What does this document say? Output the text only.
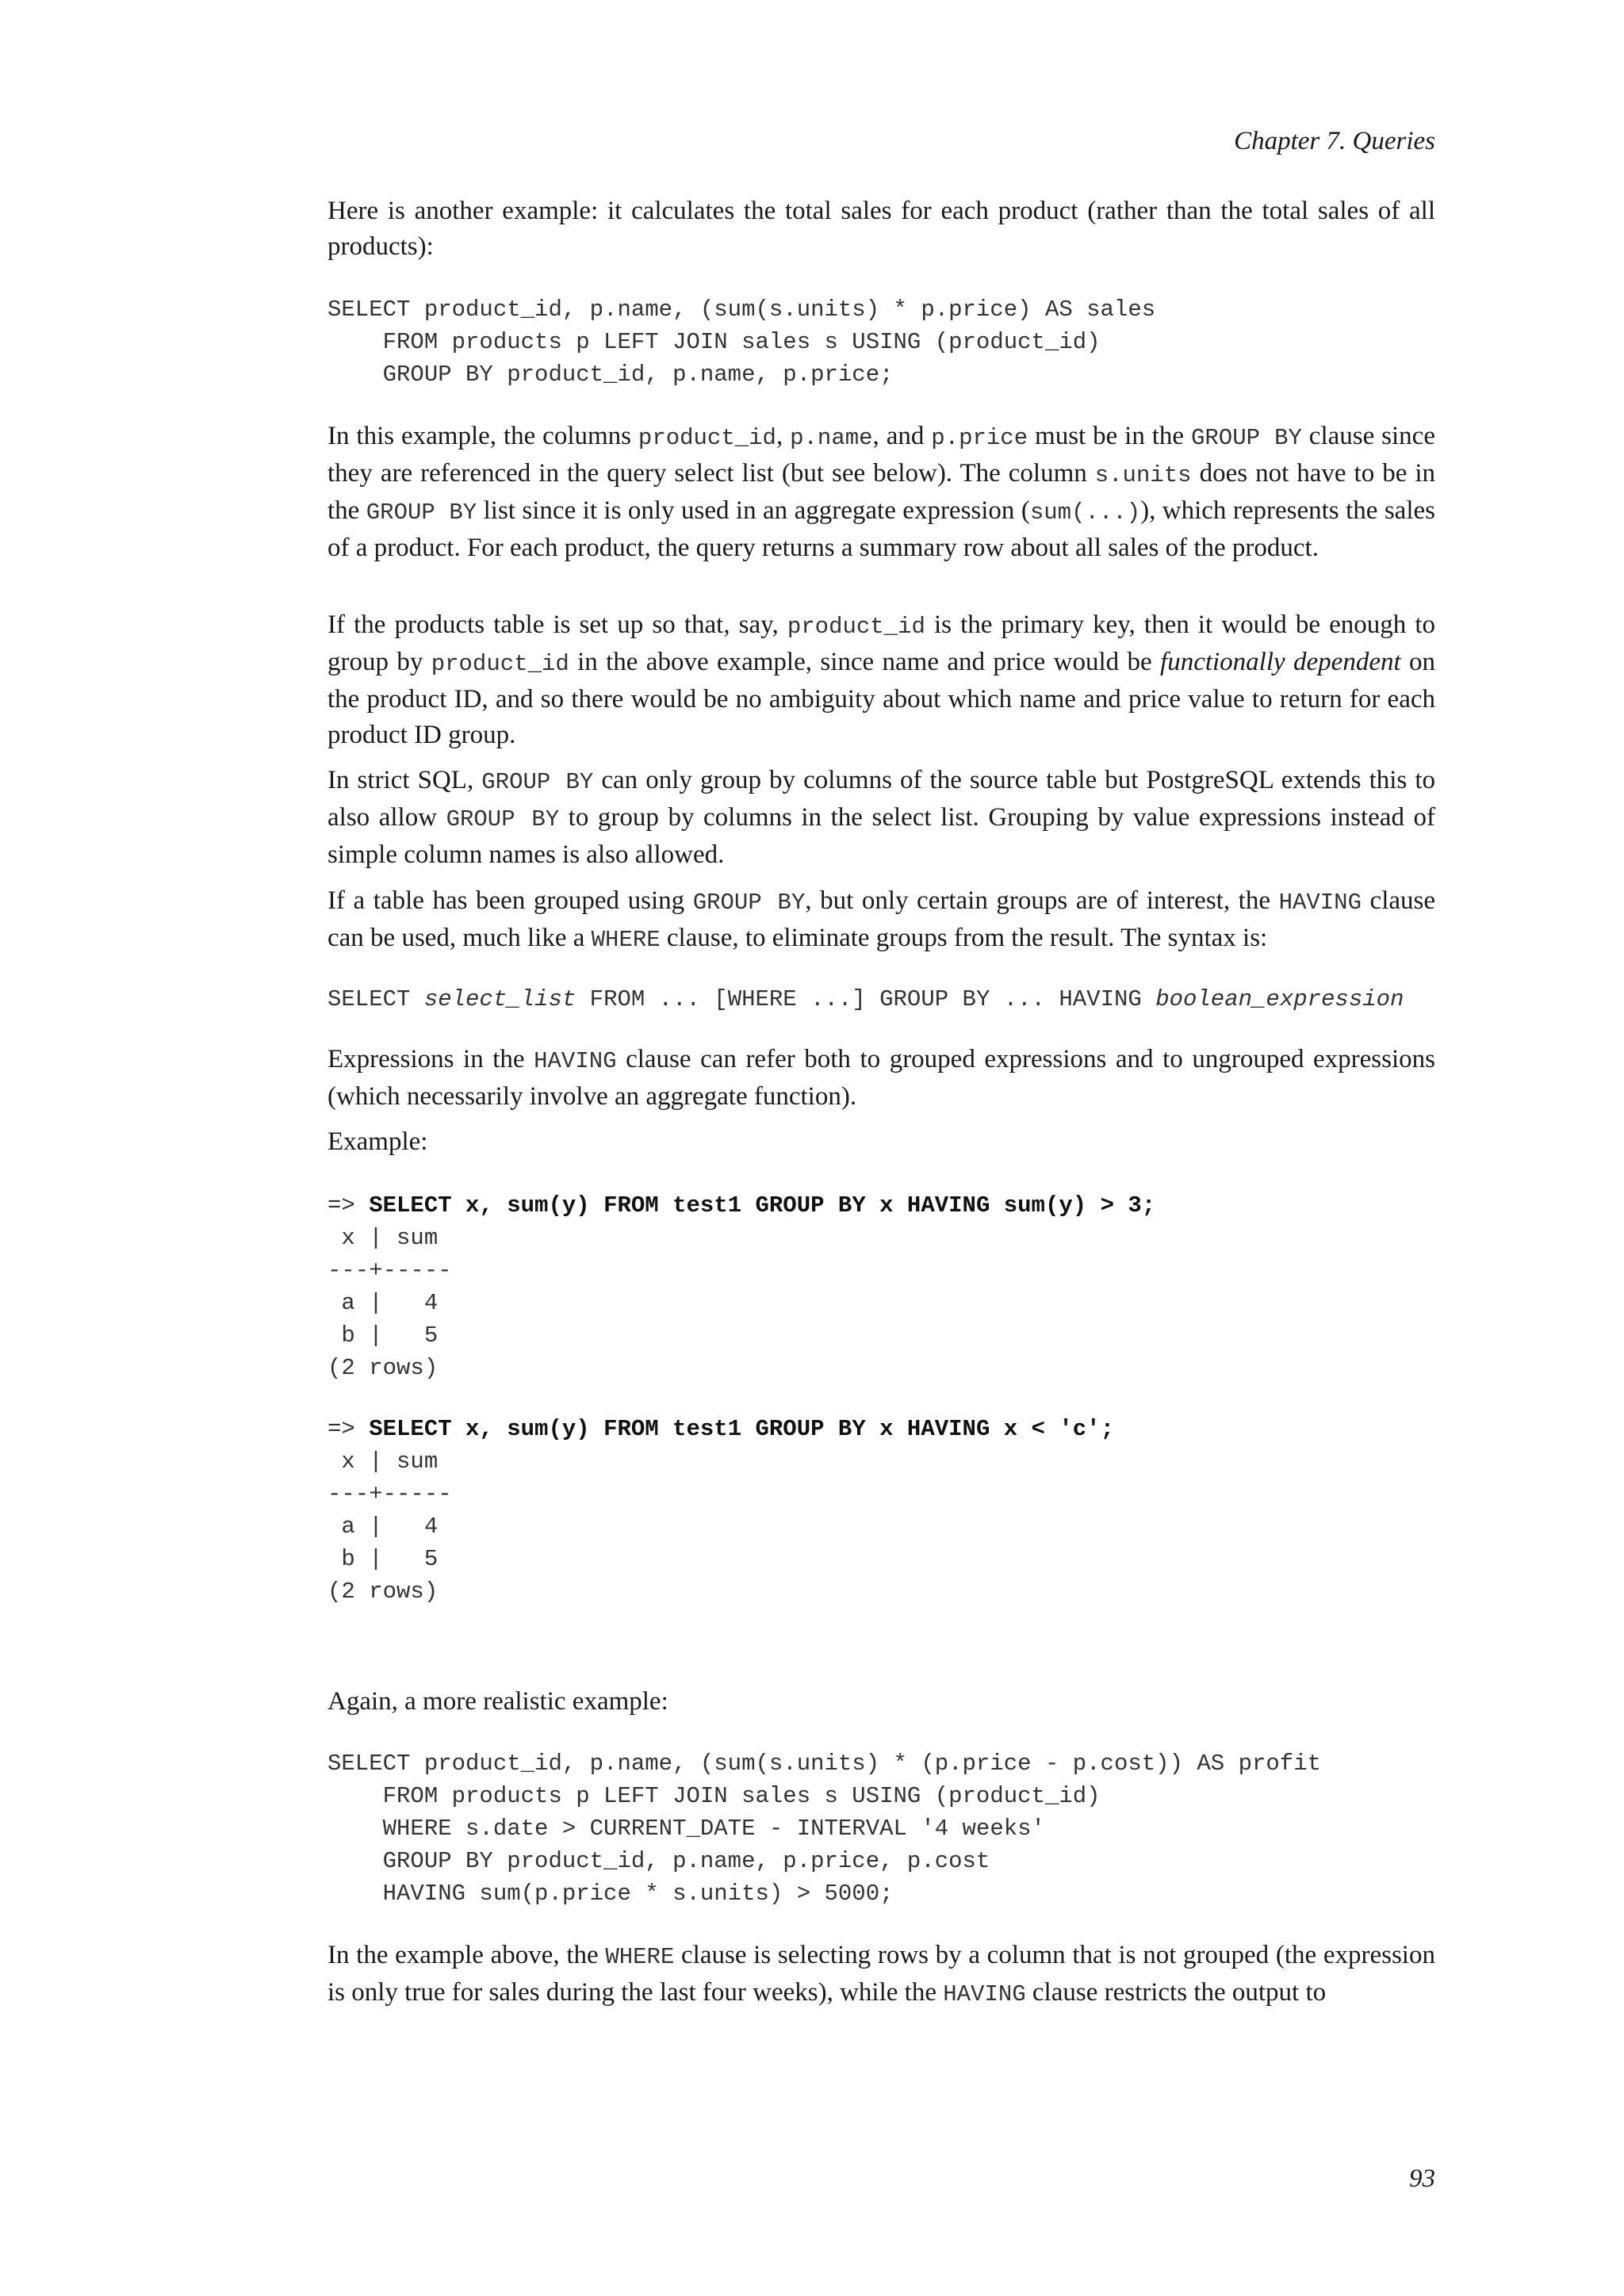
Chapter 7. Queries

Here is another example: it calculates the total sales for each product (rather than the total sales of all products):

SELECT product_id, p.name, (sum(s.units) * p.price) AS sales
FROM products p LEFT JOIN sales s USING (product_id)
GROUP BY product_id, p.name, p.price;

In this example, the columns product_id, p.name, and p.price must be in the GROUP BY clause since they are referenced in the query select list (but see below). The column s.units does not have to be in the GROUP BY list since it is only used in an aggregate expression (sum(...)), which represents the sales of a product. For each product, the query returns a summary row about all sales of the product.

If the products table is set up so that, say, product_id is the primary key, then it would be enough to group by product_id in the above example, since name and price would be functionally dependent on the product ID, and so there would be no ambiguity about which name and price value to return for each product ID group.

In strict SQL, GROUP BY can only group by columns of the source table but PostgreSQL extends this to also allow GROUP BY to group by columns in the select list. Grouping by value expressions instead of simple column names is also allowed.

If a table has been grouped using GROUP BY, but only certain groups are of interest, the HAVING clause can be used, much like a WHERE clause, to eliminate groups from the result. The syntax is:

SELECT select_list FROM ... [WHERE ...] GROUP BY ... HAVING boolean_expression

Expressions in the HAVING clause can refer both to grouped expressions and to ungrouped expressions (which necessarily involve an aggregate function).

Example:

=> SELECT x, sum(y) FROM test1 GROUP BY x HAVING sum(y) > 3;
x | sum
---+-----
a |   4
b |   5
(2 rows)
=> SELECT x, sum(y) FROM test1 GROUP BY x HAVING x < 'c';
x | sum
---+-----
a |   4
b |   5
(2 rows)

Again, a more realistic example:

SELECT product_id, p.name, (sum(s.units) * (p.price - p.cost)) AS profit
FROM products p LEFT JOIN sales s USING (product_id)
WHERE s.date > CURRENT_DATE - INTERVAL '4 weeks'
GROUP BY product_id, p.name, p.price, p.cost
HAVING sum(p.price * s.units) > 5000;

In the example above, the WHERE clause is selecting rows by a column that is not grouped (the expression is only true for sales during the last four weeks), while the HAVING clause restricts the output to

93
